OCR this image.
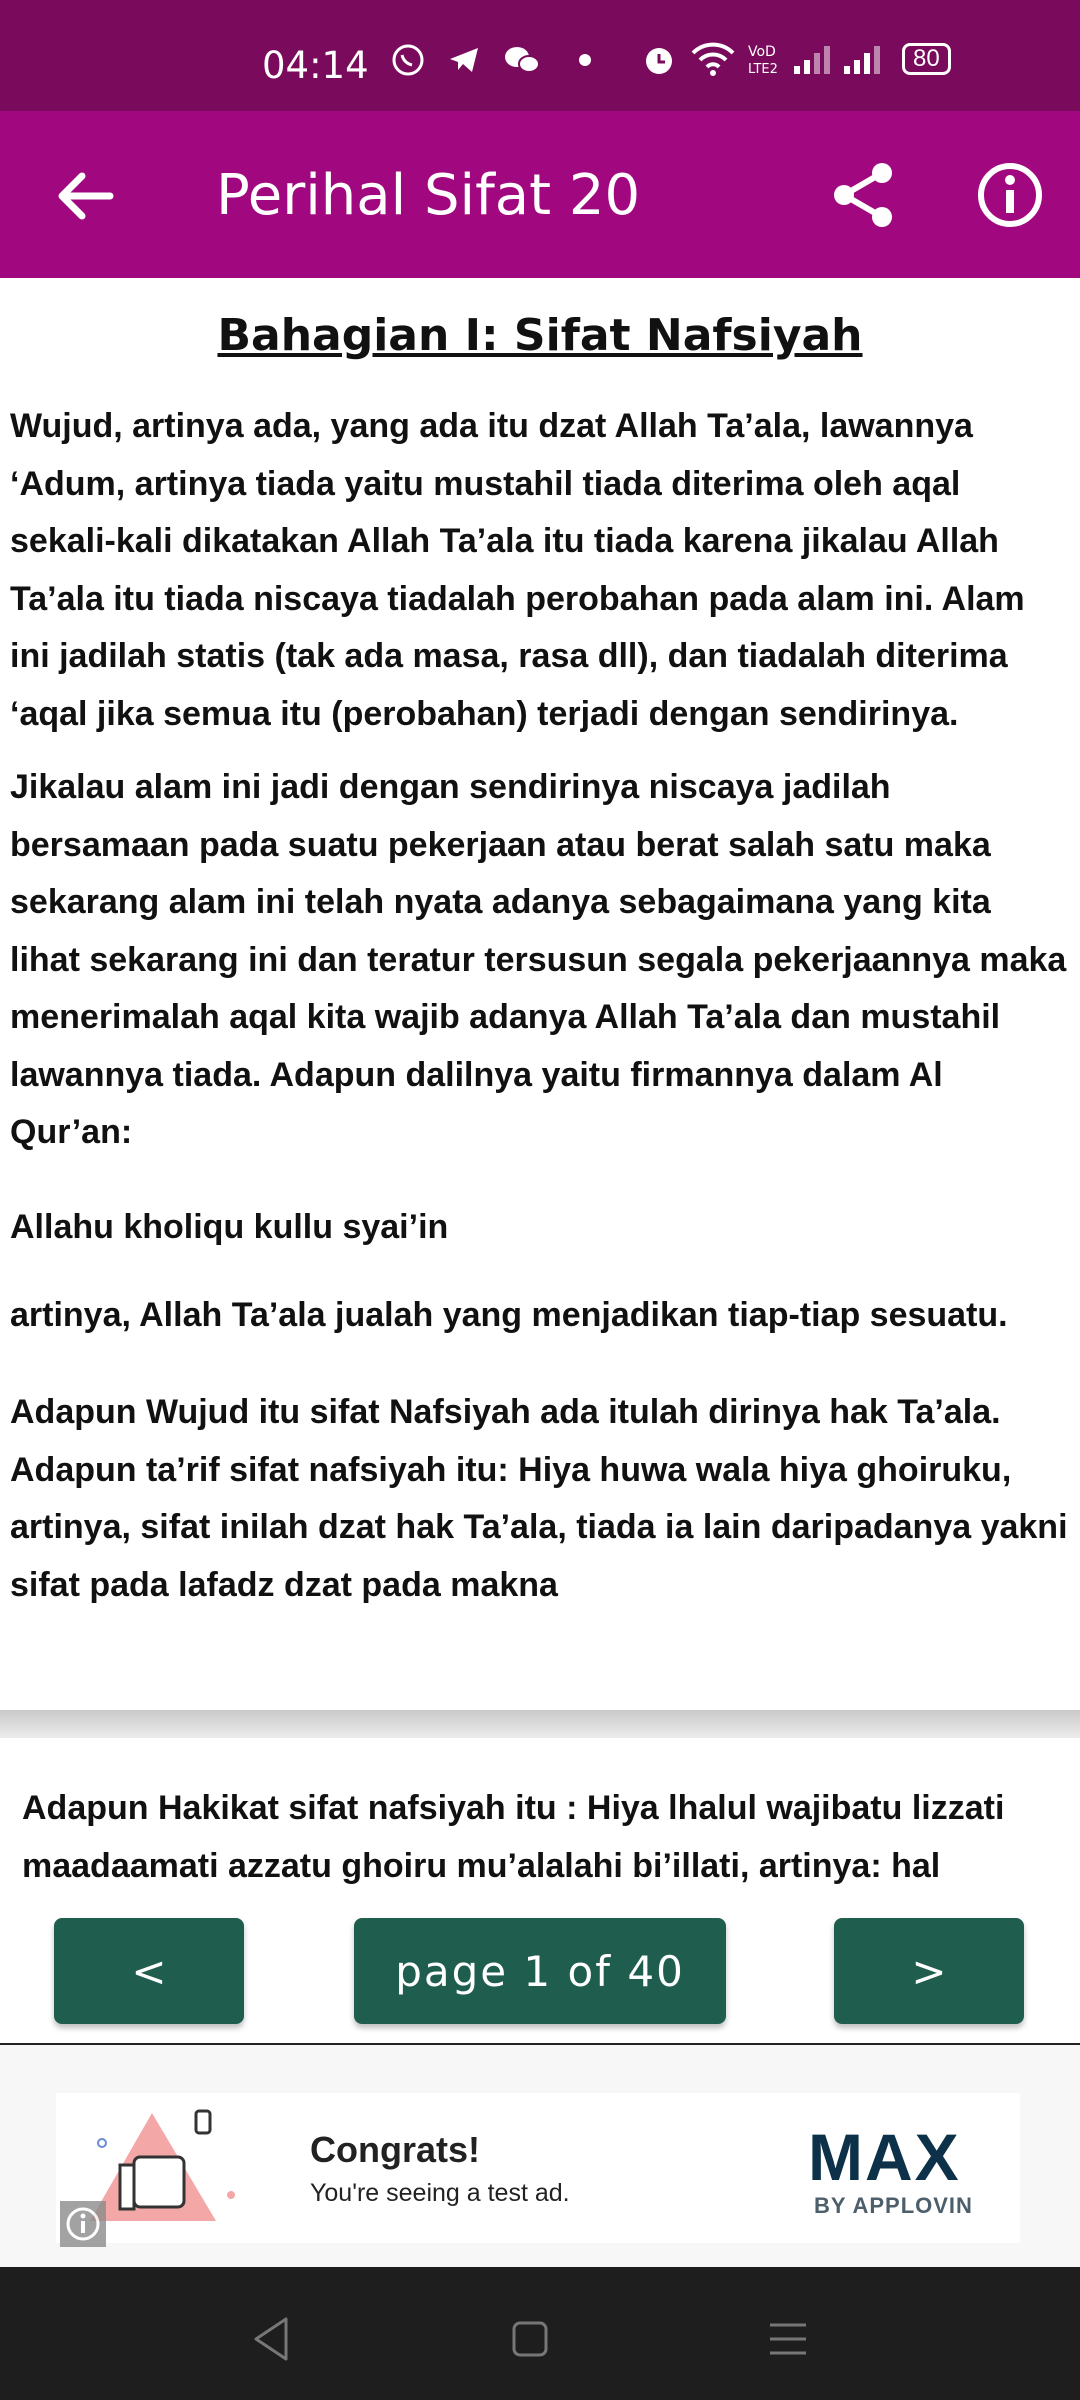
04:14	VoD
LTE2	80
Perihal Sifat 20
Bahagian I: Sifat Nafsiyah
Wujud, artinya ada, yang ada itu dzat Allah Ta’ala, lawannya ‘Adum, artinya tiada yaitu mustahil tiada diterima oleh aqal sekali-kali dikatakan Allah Ta’ala itu tiada karena jikalau Allah Ta’ala itu tiada niscaya tiadalah perobahan pada alam ini. Alam ini jadilah statis (tak ada masa, rasa dll), dan tiadalah diterima ‘aqal jika semua itu (perobahan) terjadi dengan sendirinya.
Jikalau alam ini jadi dengan sendirinya niscaya jadilah bersamaan pada suatu pekerjaan atau berat salah satu maka sekarang alam ini telah nyata adanya sebagaimana yang kita lihat sekarang ini dan teratur tersusun segala pekerjaannya maka menerimalah aqal kita wajib adanya Allah Ta’ala dan mustahil lawannya tiada. Adapun dalilnya yaitu firmannya dalam Al Qur’an:
Allahu kholiqu kullu syai’in
artinya, Allah Ta’ala jualah yang menjadikan tiap-tiap sesuatu.
Adapun Wujud itu sifat Nafsiyah ada itulah dirinya hak Ta’ala. Adapun ta’rif sifat nafsiyah itu: Hiya huwa wala hiya ghoiruku, artinya, sifat inilah dzat hak Ta’ala, tiada ia lain daripadanya yakni sifat pada lafadz dzat pada makna
Adapun Hakikat sifat nafsiyah itu : Hiya lhalul wajibatu lizzati maadaamati azzatu ghoiru mu’alalahi bi’illati, artinya: hal
<	page 1 of 40	>
Congrats!
You're seeing a test ad.	MAX
BY APPLOVIN
